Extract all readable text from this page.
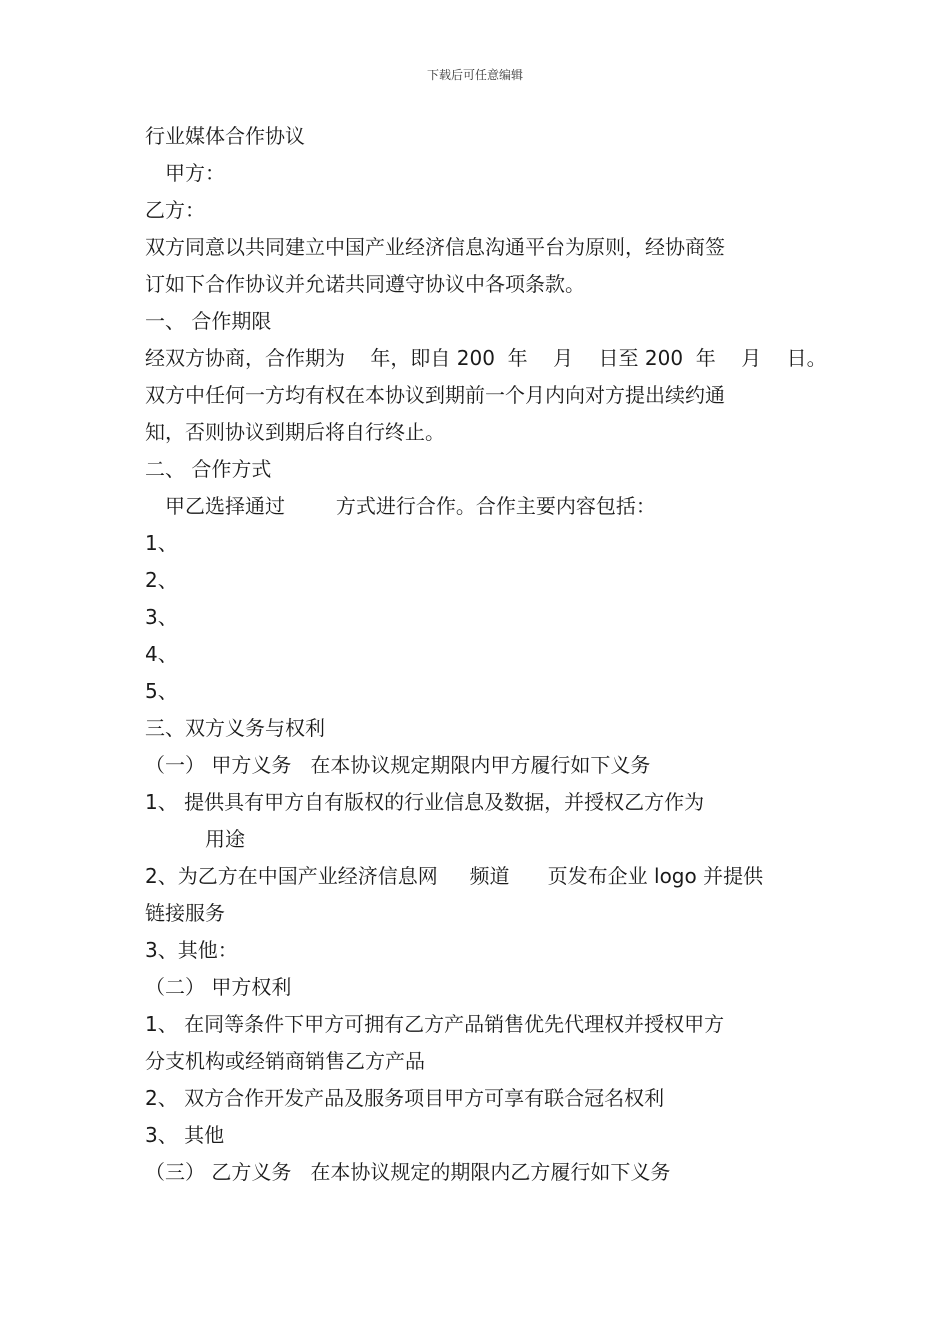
下载后可任意编辑
行业媒体合作协议
甲方：
乙方：
双方同意以共同建立中国产业经济信息沟通平台为原则，经协商签
订如下合作协议并允诺共同遵守协议中各项条款。
一、 合作期限
经双方协商，合作期为    年，即自 200  年    月    日至 200  年    月    日。
双方中任何一方均有权在本协议到期前一个月内向对方提出续约通
知，否则协议到期后将自行终止。
二、 合作方式
甲乙选择通过        方式进行合作。合作主要内容包括：
1、
2、
3、
4、
5、
三、双方义务与权利
（一） 甲方义务   在本协议规定期限内甲方履行如下义务
1、 提供具有甲方自有版权的行业信息及数据，并授权乙方作为
用途
2、为乙方在中国产业经济信息网     频道      页发布企业 logo 并提供
链接服务
3、其他：
（二） 甲方权利
1、 在同等条件下甲方可拥有乙方产品销售优先代理权并授权甲方
分支机构或经销商销售乙方产品
2、 双方合作开发产品及服务项目甲方可享有联合冠名权利
3、 其他
（三） 乙方义务   在本协议规定的期限内乙方履行如下义务
